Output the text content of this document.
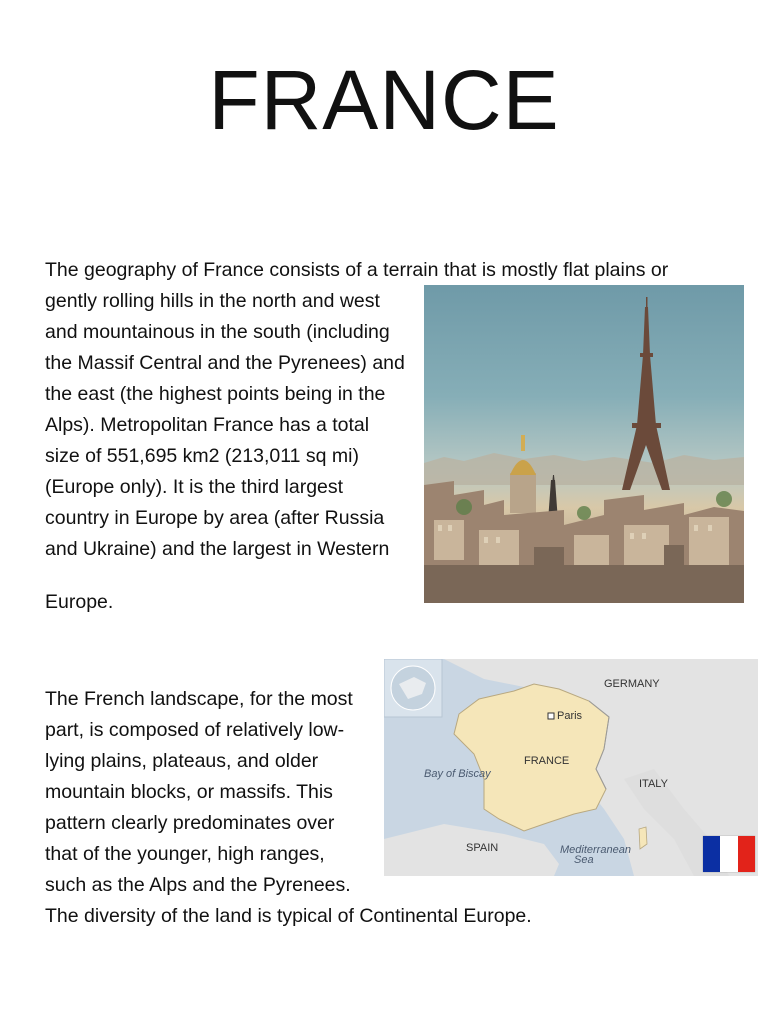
FRANCE
The geography of France consists of a terrain that is mostly flat plains or
gently rolling hills in the north and west
and mountainous in the south (including
the Massif Central and the Pyrenees) and
the east (the highest points being in the
Alps). Metropolitan France has a total
size of 551,695 km2 (213,011 sq mi)
(Europe only). It is the third largest
country in Europe by area (after Russia
and Ukraine) and the largest in Western
Europe.
The French landscape, for the most
part, is composed of relatively low-
lying plains, plateaus, and older
mountain blocks, or massifs. This
pattern clearly predominates over
that of the younger, high ranges,
such as the Alps and the Pyrenees.
The diversity of the land is typical of Continental Europe.
GERMANY
Paris
FRANCE
Bay of Biscay
ITALY
SPAIN	Mediterranean
Sea
